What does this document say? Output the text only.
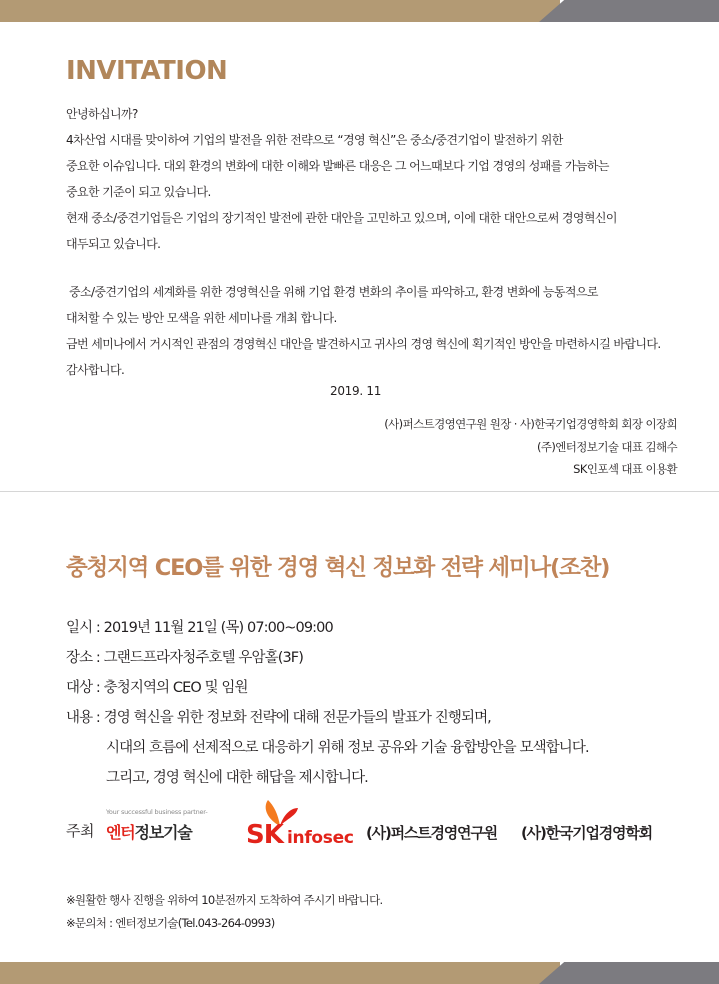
INVITATION
안녕하십니까?
4차산업 시대를 맞이하여 기업의 발전을 위한 전략으로 “경영 혁신”은 중소/중견기업이 발전하기 위한
중요한 이슈입니다. 대외 환경의 변화에 대한 이해와 발빠른 대응은 그 어느때보다 기업 경영의 성패를 가늠하는
중요한 기준이 되고 있습니다.
현재 중소/중견기업들은 기업의 장기적인 발전에 관한 대안을 고민하고 있으며, 이에 대한 대안으로써 경영혁신이
대두되고 있습니다.
중소/중견기업의 세계화를 위한 경영혁신을 위해 기업 환경 변화의 추이를 파악하고, 환경 변화에 능동적으로
대처할 수 있는 방안 모색을 위한 세미나를 개최 합니다.
금번 세미나에서 거시적인 관점의 경영혁신 대안을 발견하시고 귀사의 경영 혁신에 획기적인 방안을 마련하시길 바랍니다.
감사합니다.
2019. 11
(사)퍼스트경영연구원 원장 · 사)한국기업경영학회 회장 이장희
(주)엔터정보기술 대표 김해수
SK인포섹 대표 이용환
충청지역 CEO를 위한 경영 혁신 정보화 전략 세미나(조찬)
일시 : 2019년 11월 21일 (목) 07:00~09:00
장소 : 그랜드프라자청주호텔 우암홀(3F)
대상 : 충청지역의 CEO 및 임원
내용 : 경영 혁신을 위한 정보화 전략에 대해 전문가들의 발표가 진행되며,
시대의 흐름에 선제적으로 대응하기 위해 정보 공유와 기술 융합방안을 모색합니다.
그리고, 경영 혁신에 대한 해답을 제시합니다.
주최
Your successful business partner-
엔터정보기술 SK infosec (사)퍼스트경영연구원 (사)한국기업경영학회
※원활한 행사 진행을 위하여 10분전까지 도착하여 주시기 바랍니다.
※문의처 : 엔터정보기술(Tel.043-264-0993)
